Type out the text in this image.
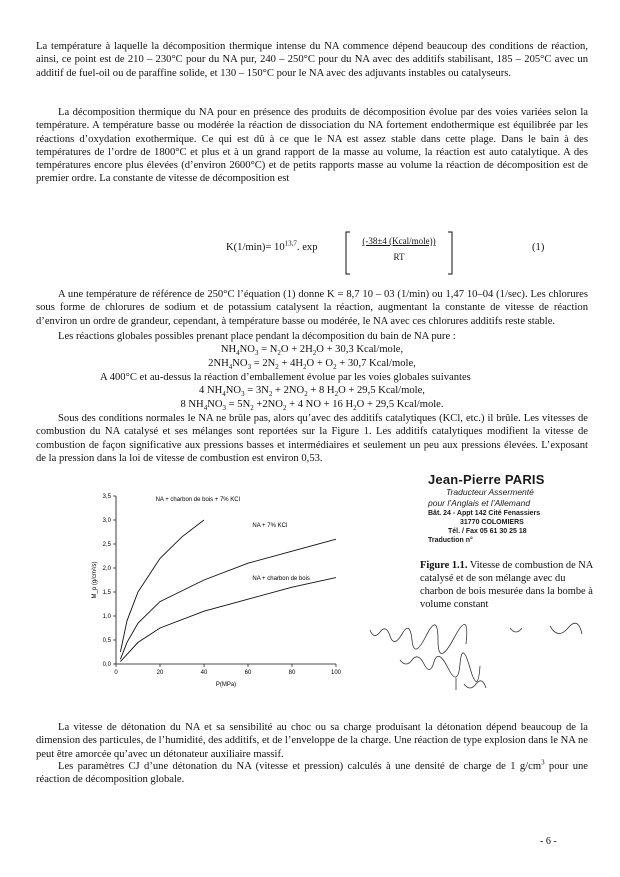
La température à laquelle la décomposition thermique intense du NA commence dépend beaucoup des conditions de réaction, ainsi, ce point est de 210 – 230°C pour du NA pur, 240 – 250°C pour du NA avec des additifs stabilisant, 185 – 205°C avec un additif de fuel-oil ou de paraffine solide, et 130 – 150°C pour le NA avec des adjuvants instables ou catalyseurs.

La décomposition thermique du NA pour en présence des produits de décomposition évolue par des voies variées selon la température. A température basse ou modérée la réaction de dissociation du NA fortement endothermique est équilibrée par les réactions d’oxydation exothermique. Ce qui est dû à ce que le NA est assez stable dans cette plage. Dans le bain à des températures de l’ordre de 1800°C et plus et à un grand rapport de la masse au volume, la réaction est auto catalytique. A des températures encore plus élevées (d’environ 2600°C) et de petits rapports masse au volume la réaction de décomposition est de premier ordre. La constante de vitesse de décomposition est

$K(1/\min)= 10^{13,7}$. exp
(-38±4 (Kcal/mole))
RT
(1)

A une température de référence de 250°C l’équation (1) donne K = 8,7 10 – 03 (1/min) ou 1,47 10–04 (1/sec). Les chlorures sous forme de chlorures de sodium et de potassium catalysent la réaction, augmentant la constante de vitesse de réaction d’environ un ordre de grandeur, cependant, à température basse ou modérée, le NA avec ces chlorures additifs reste stable.

Les réactions globales possibles prenant place pendant la décomposition du bain de NA pure :

$NH_4NO_3 = N_2O + 2H_2O + 30,3$ Kcal/mole,
$2NH_4NO_3 = 2N_2 + 4H_2O + O_2 + 30,7$ Kcal/mole,

A 400°C et au-dessus la réaction d’emballement évolue par les voies globales suivantes

4 $NH_4NO_3 = 3N_2 + 2NO_2 + 8$ $H_2O + 29,5$ Kcal/mole,
8 $NH_4NO_3 = 5N_2 +2NO_2 + 4$ NO + 16 $H_2O + 29,5$ Kcal/mole.

Sous des conditions normales le NA ne brûle pas, alors qu’avec des additifs catalytiques (KCl, etc.) il brûle. Les vitesses de combustion du NA catalysé et ses mélanges sont reportées sur la Figure 1. Les additifs catalytiques modifient la vitesse de combustion de façon significative aux pressions basses et intermédiaires et seulement un peu aux pressions élevées. L’exposant de la pression dans la loi de vitesse de combustion est environ 0,53.

Jean-Pierre PARIS
Traducteur Assermenté
pour l’Anglais et l’Allemand
Bât. 24 - Appt 142 Cité Fenassiers
31770 COLOMIERS
Tél. / Fax 05 61 30 25 18
Traduction n°
0	20	40	60	80	100
0,0
0,5
1,0
1,5
2,0
2,5
3,0
3,5
P(MPa)
M_p (g/cm²/s)
NA + charbon de bois + 7% KCl
NA + 7% KCl
NA + charbon de bois
Figure 1.1. Vitesse de combustion de NA catalysé et de son mélange avec du charbon de bois mesurée dans la bombe à volume constant

La vitesse de détonation du NA et sa sensibilité au choc ou sa charge produisant la détonation dépend beaucoup de la dimension des particules, de l’humidité, des additifs, et de l’enveloppe de la charge. Une réaction de type explosion dans le NA ne peut être amorcée qu’avec un détonateur auxiliaire massif.

Les paramètres CJ d’une détonation du NA (vitesse et pression) calculés à une densité de charge de 1 $g/cm^3$ pour une réaction de décomposition globale.

- 6 -
